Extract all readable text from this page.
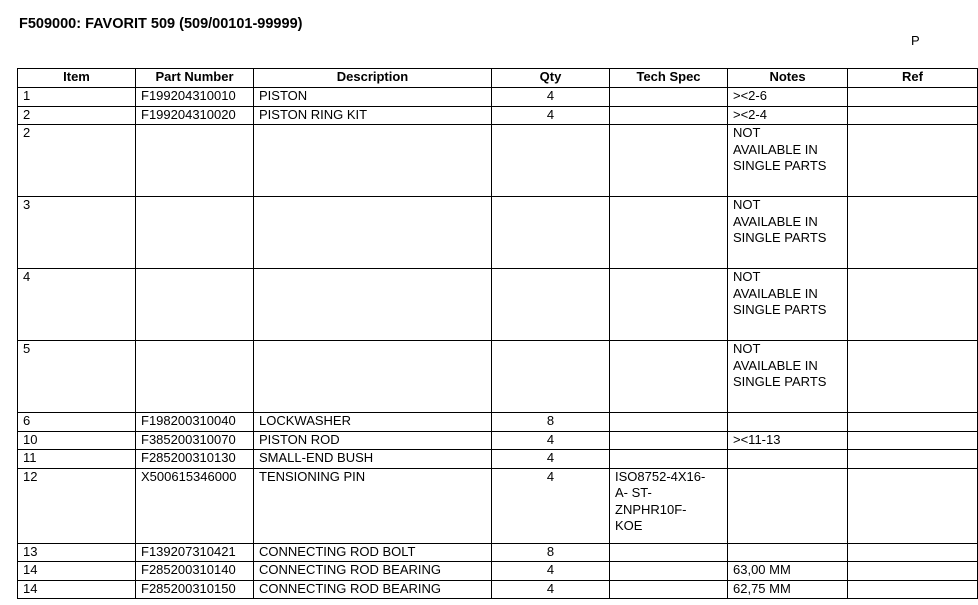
F509000: FAVORIT 509 (509/00101-99999)
P
Item	Part Number	Description	Qty	Tech Spec	Notes	Ref

1	F199204310010	PISTON	4		><2-6	

2	F199204310020	PISTON RING KIT	4		><2-4	

2					NOT
AVAILABLE IN
SINGLE PARTS	

3					NOT
AVAILABLE IN
SINGLE PARTS	

4					NOT
AVAILABLE IN
SINGLE PARTS	

5					NOT
AVAILABLE IN
SINGLE PARTS	

6	F198200310040	LOCKWASHER	8			

10	F385200310070	PISTON ROD	4		><11-13	

11	F285200310130	SMALL-END BUSH	4			

12	X500615346000	TENSIONING PIN	4	ISO8752-4X16-
A- ST-
ZNPHR10F-
KOE		

13	F139207310421	CONNECTING ROD BOLT	8			

14	F285200310140	CONNECTING ROD BEARING	4		63,00 MM	

14	F285200310150	CONNECTING ROD BEARING	4		62,75 MM	
